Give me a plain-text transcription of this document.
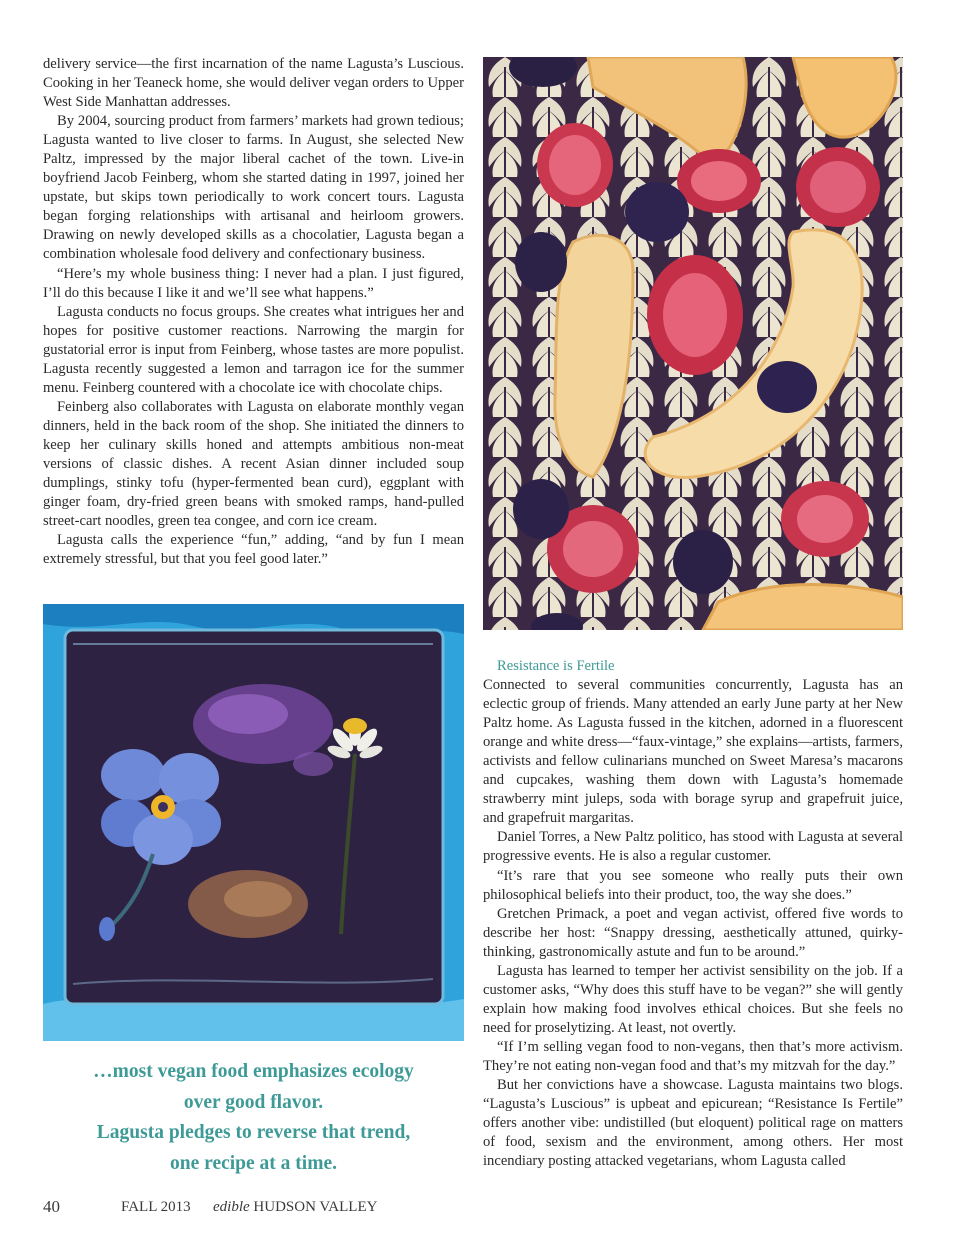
delivery service—the first incarnation of the name Lagusta’s Luscious. Cooking in her Teaneck home, she would deliver vegan orders to Upper West Side Manhattan addresses.

By 2004, sourcing product from farmers’ markets had grown tedious; Lagusta wanted to live closer to farms. In August, she selected New Paltz, impressed by the major liberal cachet of the town. Live-in boyfriend Jacob Feinberg, whom she started dating in 1997, joined her upstate, but skips town periodically to work concert tours. Lagusta began forging relationships with artisanal and heirloom growers. Drawing on newly developed skills as a chocolatier, Lagusta began a combination wholesale food delivery and confectionary business.

“Here’s my whole business thing: I never had a plan. I just figured, I’ll do this because I like it and we’ll see what happens.”

Lagusta conducts no focus groups. She creates what intrigues her and hopes for positive customer reactions. Narrowing the margin for gustatorial error is input from Feinberg, whose tastes are more populist. Lagusta recently suggested a lemon and tarragon ice for the summer menu. Feinberg countered with a chocolate ice with chocolate chips.

Feinberg also collaborates with Lagusta on elaborate monthly vegan dinners, held in the back room of the shop. She initiated the dinners to keep her culinary skills honed and attempts ambitious non-meat versions of classic dishes. A recent Asian dinner included soup dumplings, stinky tofu (hyper-fermented bean curd), eggplant with ginger foam, dry-fried green beans with smoked ramps, hand-pulled street-cart noodles, green tea congee, and corn ice cream.

Lagusta calls the experience “fun,” adding, “and by fun I mean extremely stressful, but that you feel good later.”

Resistance is Fertile

Connected to several communities concurrently, Lagusta has an eclectic group of friends. Many attended an early June party at her New Paltz home. As Lagusta fussed in the kitchen, adorned in a fluorescent orange and white dress—“faux-vintage,” she explains—artists, farmers, activists and fellow culinarians munched on Sweet Maresa’s macarons and cupcakes, washing them down with Lagusta’s homemade strawberry mint juleps, soda with borage syrup and grapefruit juice, and grapefruit margaritas.

Daniel Torres, a New Paltz politico, has stood with Lagusta at several progressive events. He is also a regular customer.

“It’s rare that you see someone who really puts their own philosophical beliefs into their product, too, the way she does.”

Gretchen Primack, a poet and vegan activist, offered five words to describe her host: “Snappy dressing, aesthetically attuned, quirky-thinking, gastronomically astute and fun to be around.”

Lagusta has learned to temper her activist sensibility on the job. If a customer asks, “Why does this stuff have to be vegan?” she will gently explain how making food involves ethical choices. But she feels no need for proselytizing. At least, not overtly.

“If I’m selling vegan food to non-vegans, then that’s more activism. They’re not eating non-vegan food and that’s my mitzvah for the day.”

But her convictions have a showcase. Lagusta maintains two blogs. “Lagusta’s Luscious” is upbeat and epicurean; “Resistance Is Fertile” offers another vibe: undistilled (but eloquent) political rage on matters of food, sexism and the environment, among others. Her most incendiary posting attacked vegetarians, whom Lagusta called

…most vegan food emphasizes ecology
over good flavor.
Lagusta pledges to reverse that trend,
one recipe at a time.
40	FALL 2013 edible HUDSON VALLEY
